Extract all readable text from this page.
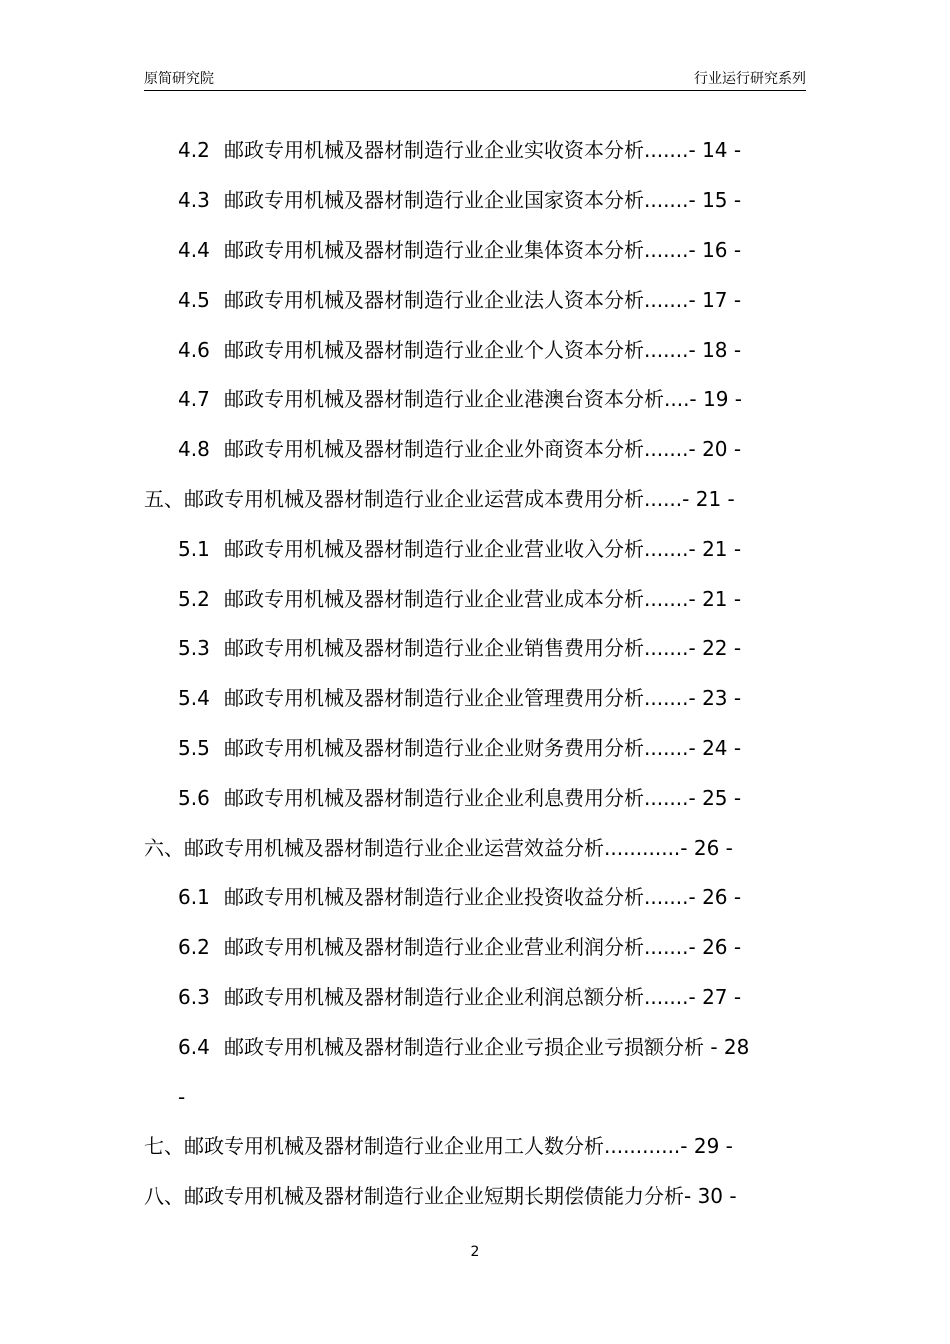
原简研究院	行业运行研究系列
4.2 邮政专用机械及器材制造行业企业实收资本分析.......- 14 -
4.3 邮政专用机械及器材制造行业企业国家资本分析.......- 15 -
4.4 邮政专用机械及器材制造行业企业集体资本分析.......- 16 -
4.5 邮政专用机械及器材制造行业企业法人资本分析.......- 17 -
4.6 邮政专用机械及器材制造行业企业个人资本分析.......- 18 -
4.7 邮政专用机械及器材制造行业企业港澳台资本分析....- 19 -
4.8 邮政专用机械及器材制造行业企业外商资本分析.......- 20 -
五、邮政专用机械及器材制造行业企业运营成本费用分析......- 21 -
5.1 邮政专用机械及器材制造行业企业营业收入分析.......- 21 -
5.2 邮政专用机械及器材制造行业企业营业成本分析.......- 21 -
5.3 邮政专用机械及器材制造行业企业销售费用分析.......- 22 -
5.4 邮政专用机械及器材制造行业企业管理费用分析.......- 23 -
5.5 邮政专用机械及器材制造行业企业财务费用分析.......- 24 -
5.6 邮政专用机械及器材制造行业企业利息费用分析.......- 25 -
六、邮政专用机械及器材制造行业企业运营效益分析............- 26 -
6.1 邮政专用机械及器材制造行业企业投资收益分析.......- 26 -
6.2 邮政专用机械及器材制造行业企业营业利润分析.......- 26 -
6.3 邮政专用机械及器材制造行业企业利润总额分析.......- 27 -
6.4 邮政专用机械及器材制造行业企业亏损企业亏损额分析 - 28
-
七、邮政专用机械及器材制造行业企业用工人数分析............- 29 -
八、邮政专用机械及器材制造行业企业短期长期偿债能力分析- 30 -
2
